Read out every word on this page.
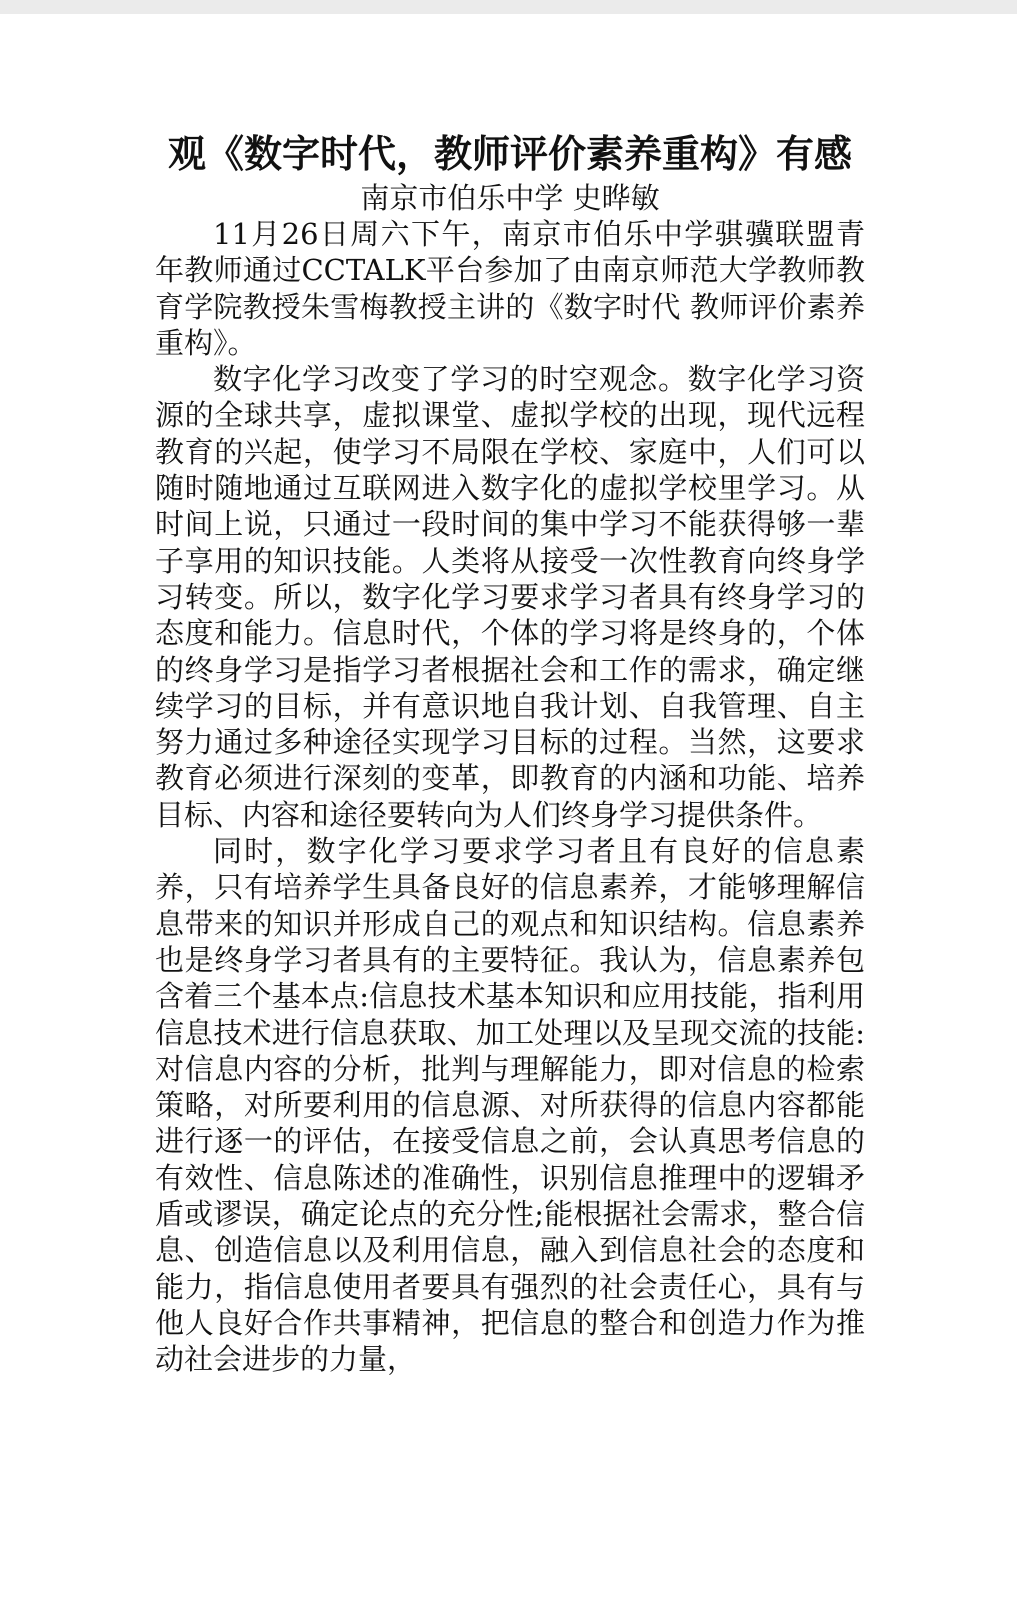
观《数字时代，教师评价素养重构》有感

南京市伯乐中学 史晔敏

11月26日周六下午，南京市伯乐中学骐骥联盟青年教师通过CCTALK平台参加了由南京师范大学教师教育学院教授朱雪梅教授主讲的《数字时代 教师评价素养重构》。

数字化学习改变了学习的时空观念。数字化学习资源的全球共享，虚拟课堂、虚拟学校的出现，现代远程教育的兴起，使学习不局限在学校、家庭中，人们可以随时随地通过互联网进入数字化的虚拟学校里学习。从时间上说，只通过一段时间的集中学习不能获得够一辈子享用的知识技能。人类将从接受一次性教育向终身学习转变。所以，数字化学习要求学习者具有终身学习的态度和能力。信息时代，个体的学习将是终身的，个体的终身学习是指学习者根据社会和工作的需求，确定继续学习的目标，并有意识地自我计划、自我管理、自主努力通过多种途径实现学习目标的过程。当然，这要求教育必须进行深刻的变革，即教育的内涵和功能、培养目标、内容和途径要转向为人们终身学习提供条件。

同时，数字化学习要求学习者且有良好的信息素养，只有培养学生具备良好的信息素养，才能够理解信息带来的知识并形成自己的观点和知识结构。信息素养也是终身学习者具有的主要特征。我认为，信息素养包含着三个基本点:信息技术基本知识和应用技能，指利用信息技术进行信息获取、加工处理以及呈现交流的技能:对信息内容的分析，批判与理解能力，即对信息的检索策略，对所要利用的信息源、对所获得的信息内容都能进行逐一的评估，在接受信息之前，会认真思考信息的有效性、信息陈述的准确性，识别信息推理中的逻辑矛盾或谬误，确定论点的充分性;能根据社会需求，整合信息、创造信息以及利用信息，融入到信息社会的态度和能力，指信息使用者要具有强烈的社会责任心，具有与他人良好合作共事精神，把信息的整合和创造力作为推动社会进步的力量，
